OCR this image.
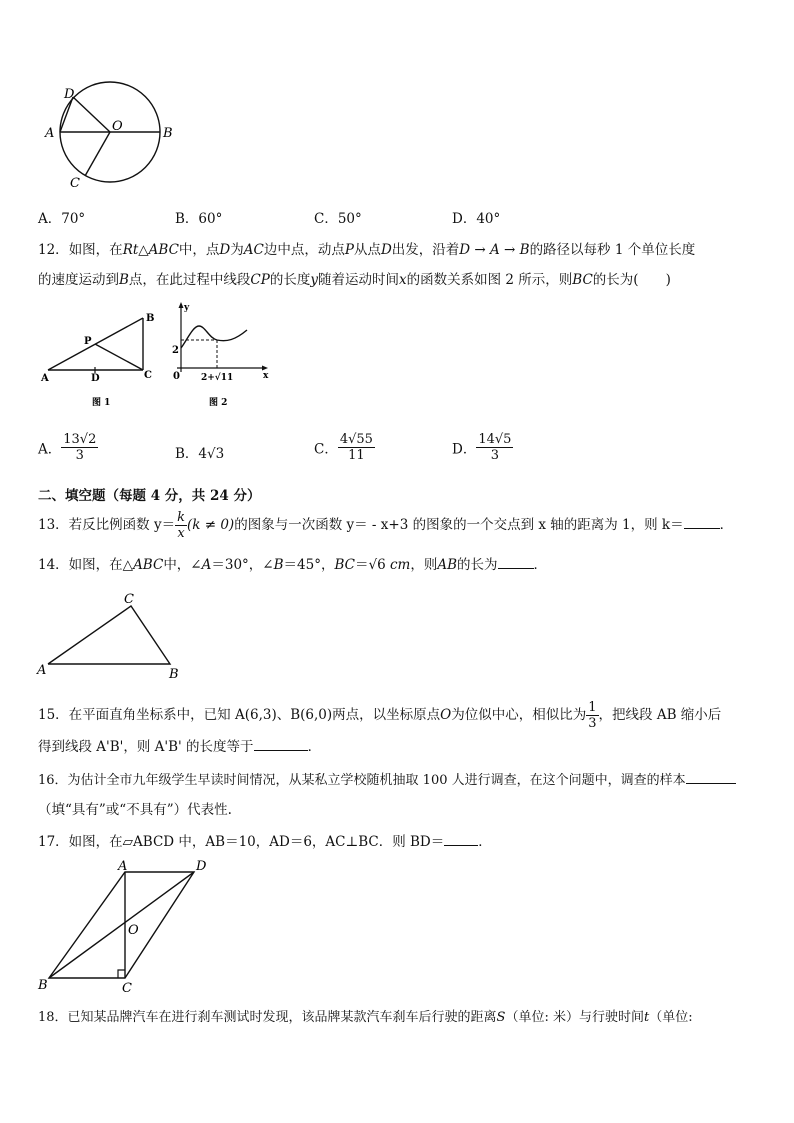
D
A	O	B
C
A．70°	B．60°	C．50°	D．40°
12．如图，在Rt△ABC中，点D为AC边中点，动点P从点D出发，沿着D → A → B的路径以每秒 1 个单位长度
的速度运动到B点，在此过程中线段CP的长度y随着运动时间x的函数关系如图 2 所示，则BC的长为(　　)
A	D	C
B
P
图 1
y
x
2
0 2+√11
图 2
A． $\frac{13√2}{3}$	B．4√3	C． $\frac{4√55}{11}$	D． $\frac{14√5}{3}$
二、填空题（每题 4 分，共 24 分）
13．若反比例函数 $y= \frac{k}{x} (k \ne 0)$的图象与一次函数 y＝ - x+3 的图象的一个交点到 x 轴的距离为 1，则 k＝	．
14．如图，在△ABC中，∠A＝30°，∠B＝45°，BC＝√6 cm，则AB的长为	．
A
C
B
15．在平面直角坐标系中，已知 A(6,3)、B(6,0)两点，以坐标原点O为位似中心，相似比为 $\frac{1}{3}$ ，把线段 AB 缩小后
得到线段 A'B'，则 A'B' 的长度等于	．
16．为估计全市九年级学生早读时间情况，从某私立学校随机抽取 100 人进行调查，在这个问题中，调查的样本
（填“具有”或“不具有”）代表性.
17．如图，在▱ABCD 中，AB＝10，AD＝6，AC⊥BC．则 BD＝	．
A	D
O
B	C
18．已知某品牌汽车在进行刹车测试时发现，该品牌某款汽车刹车后行驶的距离S（单位: 米）与行驶时间t（单位:
